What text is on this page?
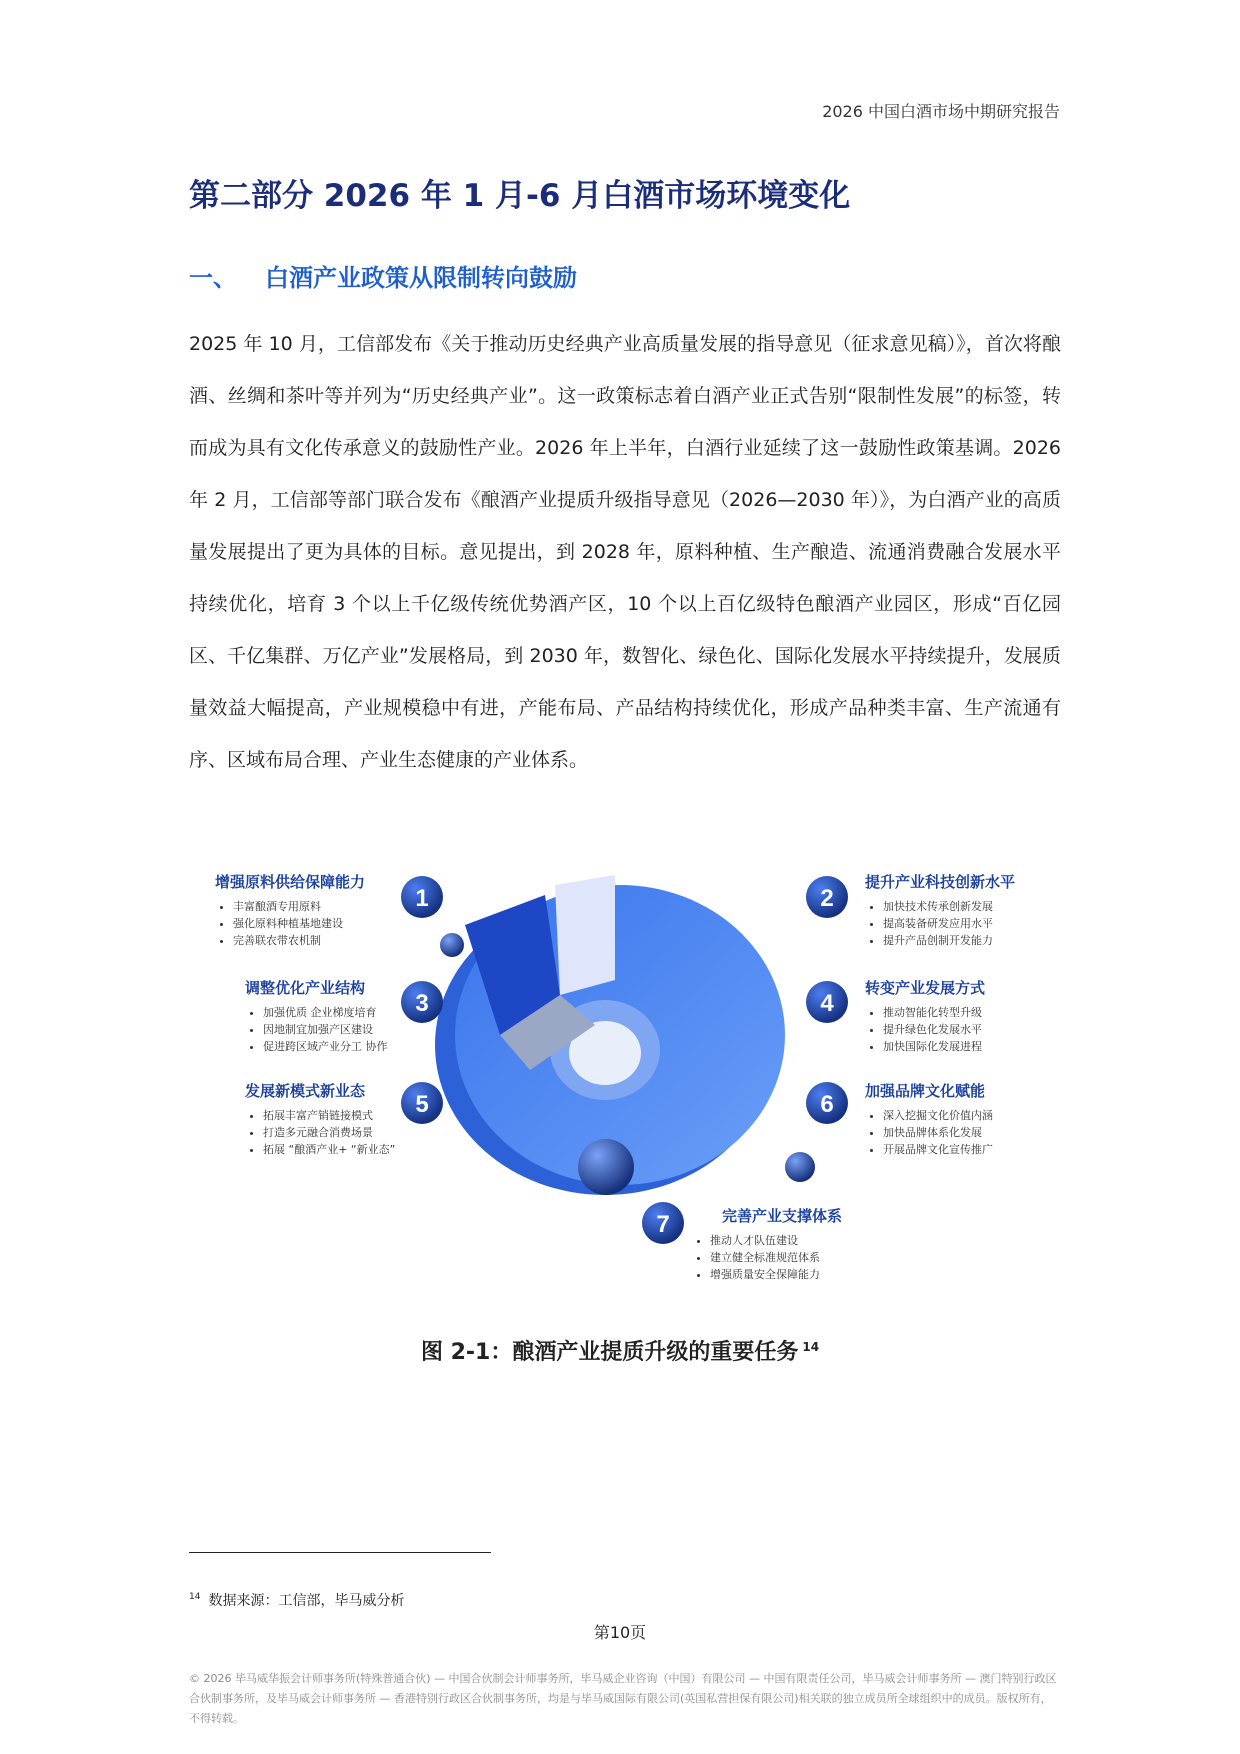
2026 中国白酒市场中期研究报告
第二部分 2026 年 1 月-6 月白酒市场环境变化
一、 白酒产业政策从限制转向鼓励

2025 年 10 月，工信部发布《关于推动历史经典产业高质量发展的指导意见（征求意见稿）》，首次将酿酒、丝绸和茶叶等并列为“历史经典产业”。这一政策标志着白酒产业正式告别“限制性发展”的标签，转而成为具有文化传承意义的鼓励性产业。2026 年上半年，白酒行业延续了这一鼓励性政策基调。2026 年 2 月，工信部等部门联合发布《酿酒产业提质升级指导意见（2026—2030 年）》，为白酒产业的高质量发展提出了更为具体的目标。意见提出，到 2028 年，原料种植、生产酿造、流通消费融合发展水平持续优化，培育 3 个以上千亿级传统优势酒产区，10 个以上百亿级特色酿酒产业园区，形成“百亿园区、千亿集群、万亿产业”发展格局，到 2030 年，数智化、绿色化、国际化发展水平持续提升，发展质量效益大幅提高，产业规模稳中有进，产能布局、产品结构持续优化，形成产品种类丰富、生产流通有序、区域布局合理、产业生态健康的产业体系。

1	2
3	4
5	6
7
增强原料供给保障能力
• 丰富酿酒专用原料
• 强化原料种植基地建设
• 完善联农带农机制
提升产业科技创新水平
• 加快技术传承创新发展
• 提高装备研发应用水平
• 提升产品创制开发能力
调整优化产业结构
• 加强优质 企业梯度培育
• 因地制宜加强产区建设
• 促进跨区域产业分工 协作
转变产业发展方式
• 推动智能化转型升级
• 提升绿色化发展水平
• 加快国际化发展进程
发展新模式新业态
• 拓展丰富产销链接模式
• 打造多元融合消费场景
• 拓展 “酿酒产业+ “新业态”
加强品牌文化赋能
• 深入挖掘文化价值内涵
• 加快品牌体系化发展
• 开展品牌文化宣传推广
完善产业支撑体系
• 推动人才队伍建设
• 建立健全标准规范体系
• 增强质量安全保障能力
图 2-1：酿酒产业提质升级的重要任务 $^{14}$
$^{14}$ 数据来源：工信部，毕马威分析
第10页
© 2026 毕马威华振会计师事务所(特殊普通合伙) — 中国合伙制会计师事务所，毕马威企业咨询（中国）有限公司 — 中国有限责任公司，毕马威会计师事务所 — 澳门特别行政区合伙制事务所，及毕马威会计师事务所 — 香港特别行政区合伙制事务所，均是与毕马威国际有限公司(英国私营担保有限公司)相关联的独立成员所全球组织中的成员。版权所有，不得转载。
